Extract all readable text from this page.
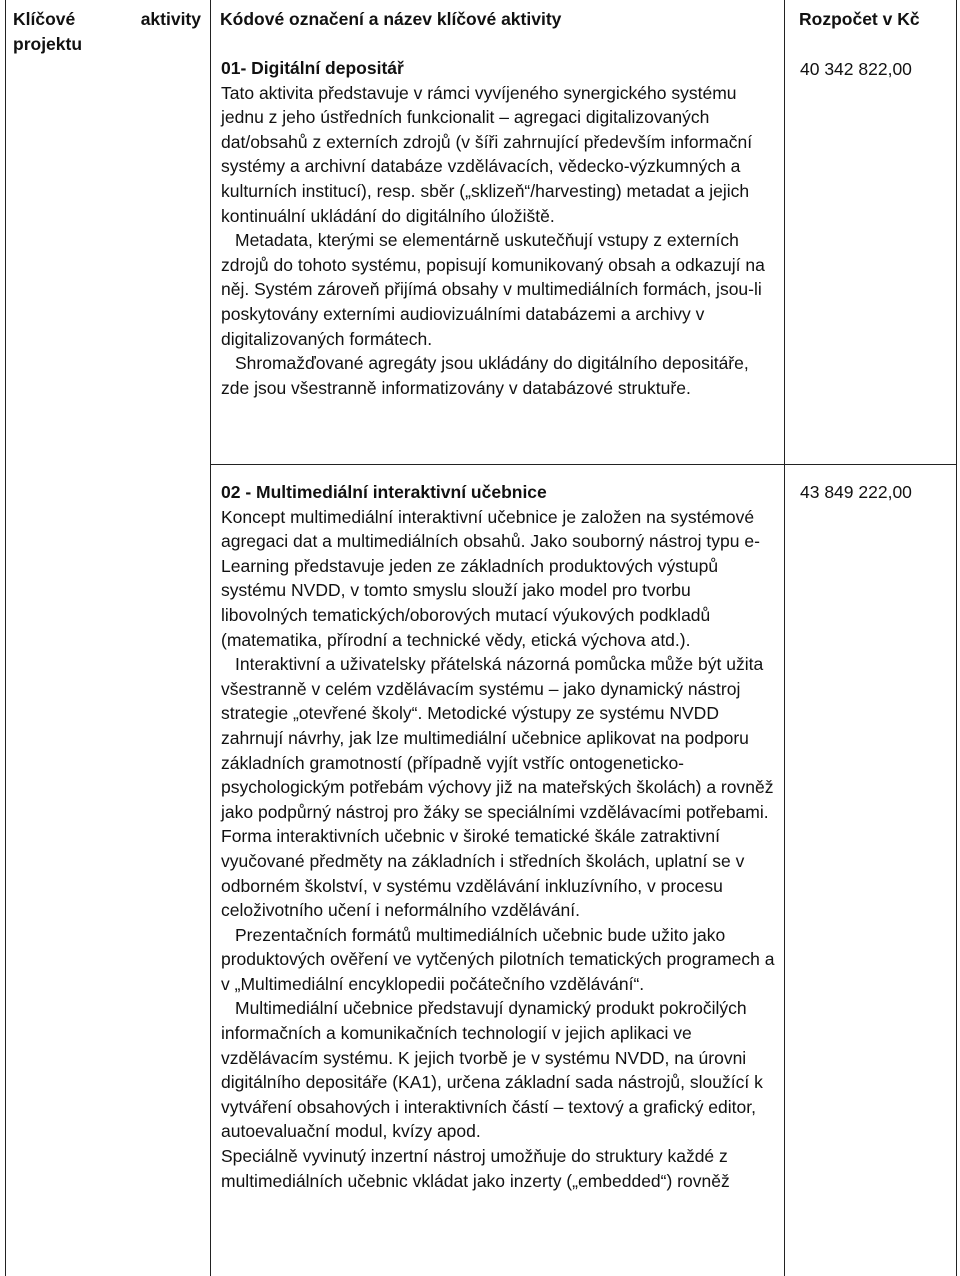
Klíčové	aktivity
projektu
Kódové označení a název klíčové aktivity	Rozpočet v Kč

01- Digitální depositář

Tato aktivita představuje v rámci vyvíjeného synergického systému jednu z jeho ústředních funkcionalit – agregaci digitalizovaných dat/obsahů z externích zdrojů (v šíři zahrnující především informační systémy a archivní databáze vzdělávacích, vědecko-výzkumných a kulturních institucí), resp. sběr („sklizeň“/harvesting) metadat a jejich kontinuální ukládání do digitálního úložiště.

Metadata, kterými se elementárně uskutečňují vstupy z externích zdrojů do tohoto systému, popisují komunikovaný obsah a odkazují na něj. Systém zároveň přijímá obsahy v multimediálních formách, jsou-li poskytovány externími audiovizuálními databázemi a archivy v digitalizovaných formátech.

Shromažďované agregáty jsou ukládány do digitálního depositáře, zde jsou všestranně informatizovány v databázové struktuře.

40 342 822,00

02 - Multimediální interaktivní učebnice

Koncept multimediální interaktivní učebnice je založen na systémové agregaci dat a multimediálních obsahů. Jako souborný nástroj typu e-Learning představuje jeden ze základních produktových výstupů systému NVDD, v tomto smyslu slouží jako model pro tvorbu libovolných tematických/oborových mutací výukových podkladů (matematika, přírodní a technické vědy, etická výchova atd.).

Interaktivní a uživatelsky přátelská názorná pomůcka může být užita všestranně v celém vzdělávacím systému – jako dynamický nástroj strategie „otevřené školy“. Metodické výstupy ze systému NVDD zahrnují návrhy, jak lze multimediální učebnice aplikovat na podporu základních gramotností (případně vyjít vstříc ontogeneticko-psychologickým potřebám výchovy již na mateřských školách) a rovněž jako podpůrný nástroj pro žáky se speciálními vzdělávacími potřebami. Forma interaktivních učebnic v široké tematické škále zatraktivní vyučované předměty na základních i středních školách, uplatní se v odborném školství, v systému vzdělávání inkluzívního, v procesu celoživotního učení i neformálního vzdělávání.

Prezentačních formátů multimediálních učebnic bude užito jako produktových ověření ve vytčených pilotních tematických programech a v „Multimediální encyklopedii počátečního vzdělávání“.

Multimediální učebnice představují dynamický produkt pokročilých informačních a komunikačních technologií v jejich aplikaci ve vzdělávacím systému. K jejich tvorbě je v systému NVDD, na úrovni digitálního depositáře (KA1), určena základní sada nástrojů, sloužící k vytváření obsahových i interaktivních částí – textový a grafický editor, autoevaluační modul, kvízy apod.

Speciálně vyvinutý inzertní nástroj umožňuje do struktury každé z multimediálních učebnic vkládat jako inzerty („embedded“) rovněž

43 849 222,00
